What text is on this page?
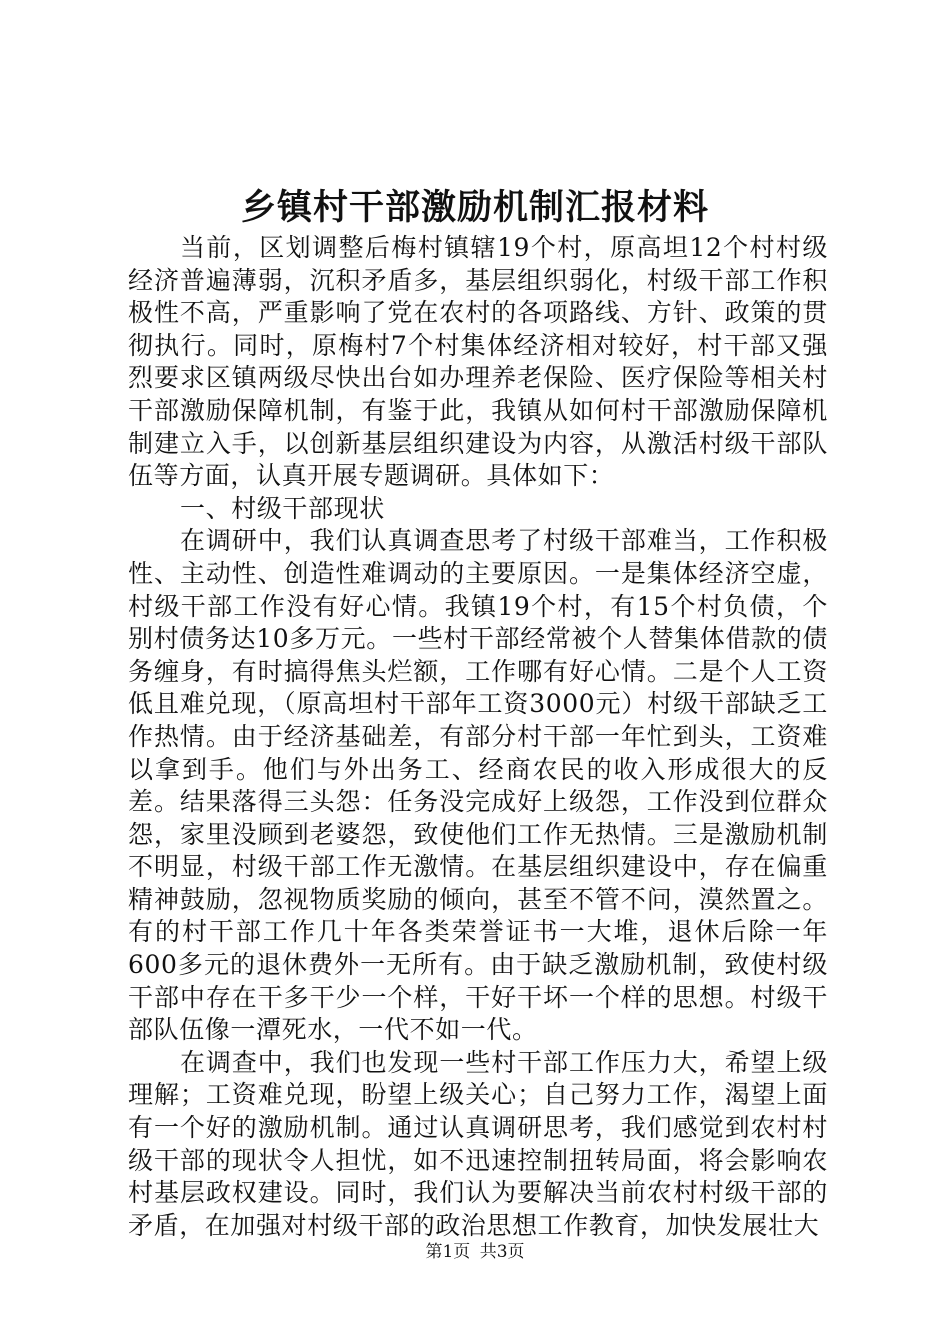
乡镇村干部激励机制汇报材料

当前，区划调整后梅村镇辖19个村，原高坦12个村村级经济普遍薄弱，沉积矛盾多，基层组织弱化，村级干部工作积极性不高，严重影响了党在农村的各项路线、方针、政策的贯彻执行。同时，原梅村7个村集体经济相对较好，村干部又强烈要求区镇两级尽快出台如办理养老保险、医疗保险等相关村干部激励保障机制，有鉴于此，我镇从如何村干部激励保障机制建立入手，以创新基层组织建设为内容，从激活村级干部队伍等方面，认真开展专题调研。具体如下：

一、村级干部现状

在调研中，我们认真调查思考了村级干部难当，工作积极性、主动性、创造性难调动的主要原因。一是集体经济空虚，村级干部工作没有好心情。我镇19个村，有15个村负债，个别村债务达10多万元。一些村干部经常被个人替集体借款的债务缠身，有时搞得焦头烂额，工作哪有好心情。二是个人工资低且难兑现，（原高坦村干部年工资3000元）村级干部缺乏工作热情。由于经济基础差，有部分村干部一年忙到头，工资难以拿到手。他们与外出务工、经商农民的收入形成很大的反差。结果落得三头怨：任务没完成好上级怨，工作没到位群众怨，家里没顾到老婆怨，致使他们工作无热情。三是激励机制不明显，村级干部工作无激情。在基层组织建设中，存在偏重精神鼓励，忽视物质奖励的倾向，甚至不管不问，漠然置之。有的村干部工作几十年各类荣誉证书一大堆，退休后除一年600多元的退休费外一无所有。由于缺乏激励机制，致使村级干部中存在干多干少一个样，干好干坏一个样的思想。村级干部队伍像一潭死水，一代不如一代。

在调查中，我们也发现一些村干部工作压力大，希望上级理解；工资难兑现，盼望上级关心；自己努力工作，渴望上面有一个好的激励机制。通过认真调研思考，我们感觉到农村村级干部的现状令人担忧，如不迅速控制扭转局面，将会影响农村基层政权建设。同时，我们认为要解决当前农村村级干部的矛盾，在加强对村级干部的政治思想工作教育，加快发展壮大

第1页 共3页
